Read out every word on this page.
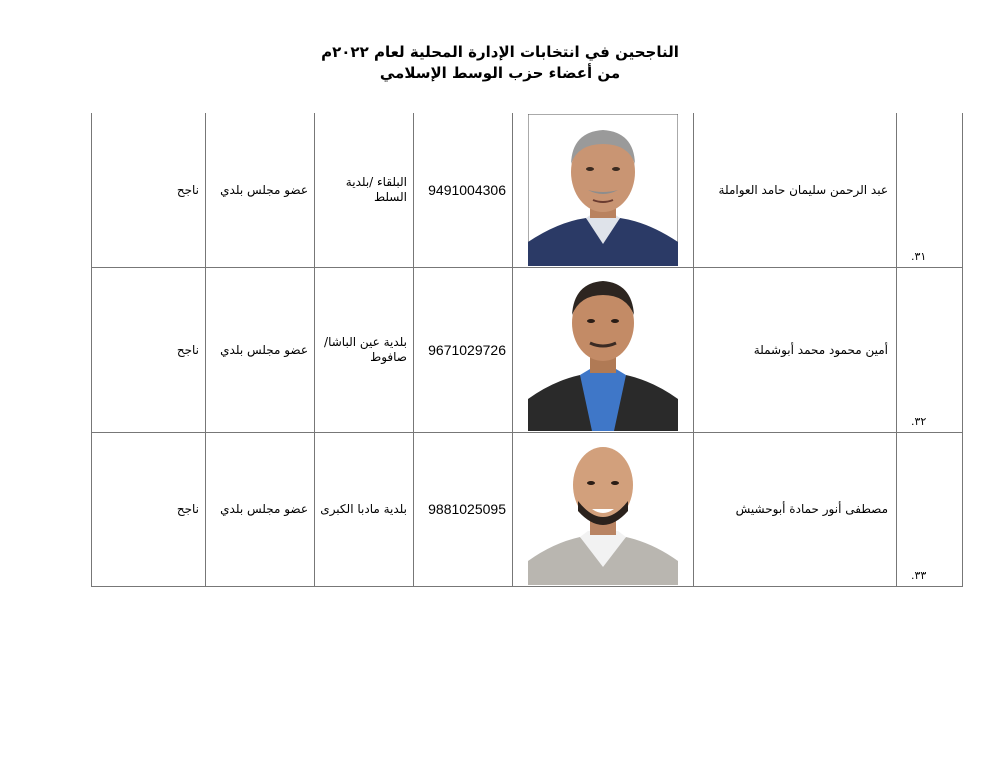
الناجحين في انتخابات الإدارة المحلية لعام ٢٠٢٢م

من أعضاء حزب الوسط الإسلامي

٣١.	عبد الرحمن سليمان حامد العواملة		9491004306	البلقاء /بلدية السلط	عضو مجلس بلدي	ناجح

٣٢.	أمين محمود محمد أبوشملة		9671029726	بلدية عين الباشا/ صافوط	عضو مجلس بلدي	ناجح

٣٣.	مصطفى أنور حمادة أبوحشيش		9881025095	بلدية مادبا الكبرى	عضو مجلس بلدي	ناجح
